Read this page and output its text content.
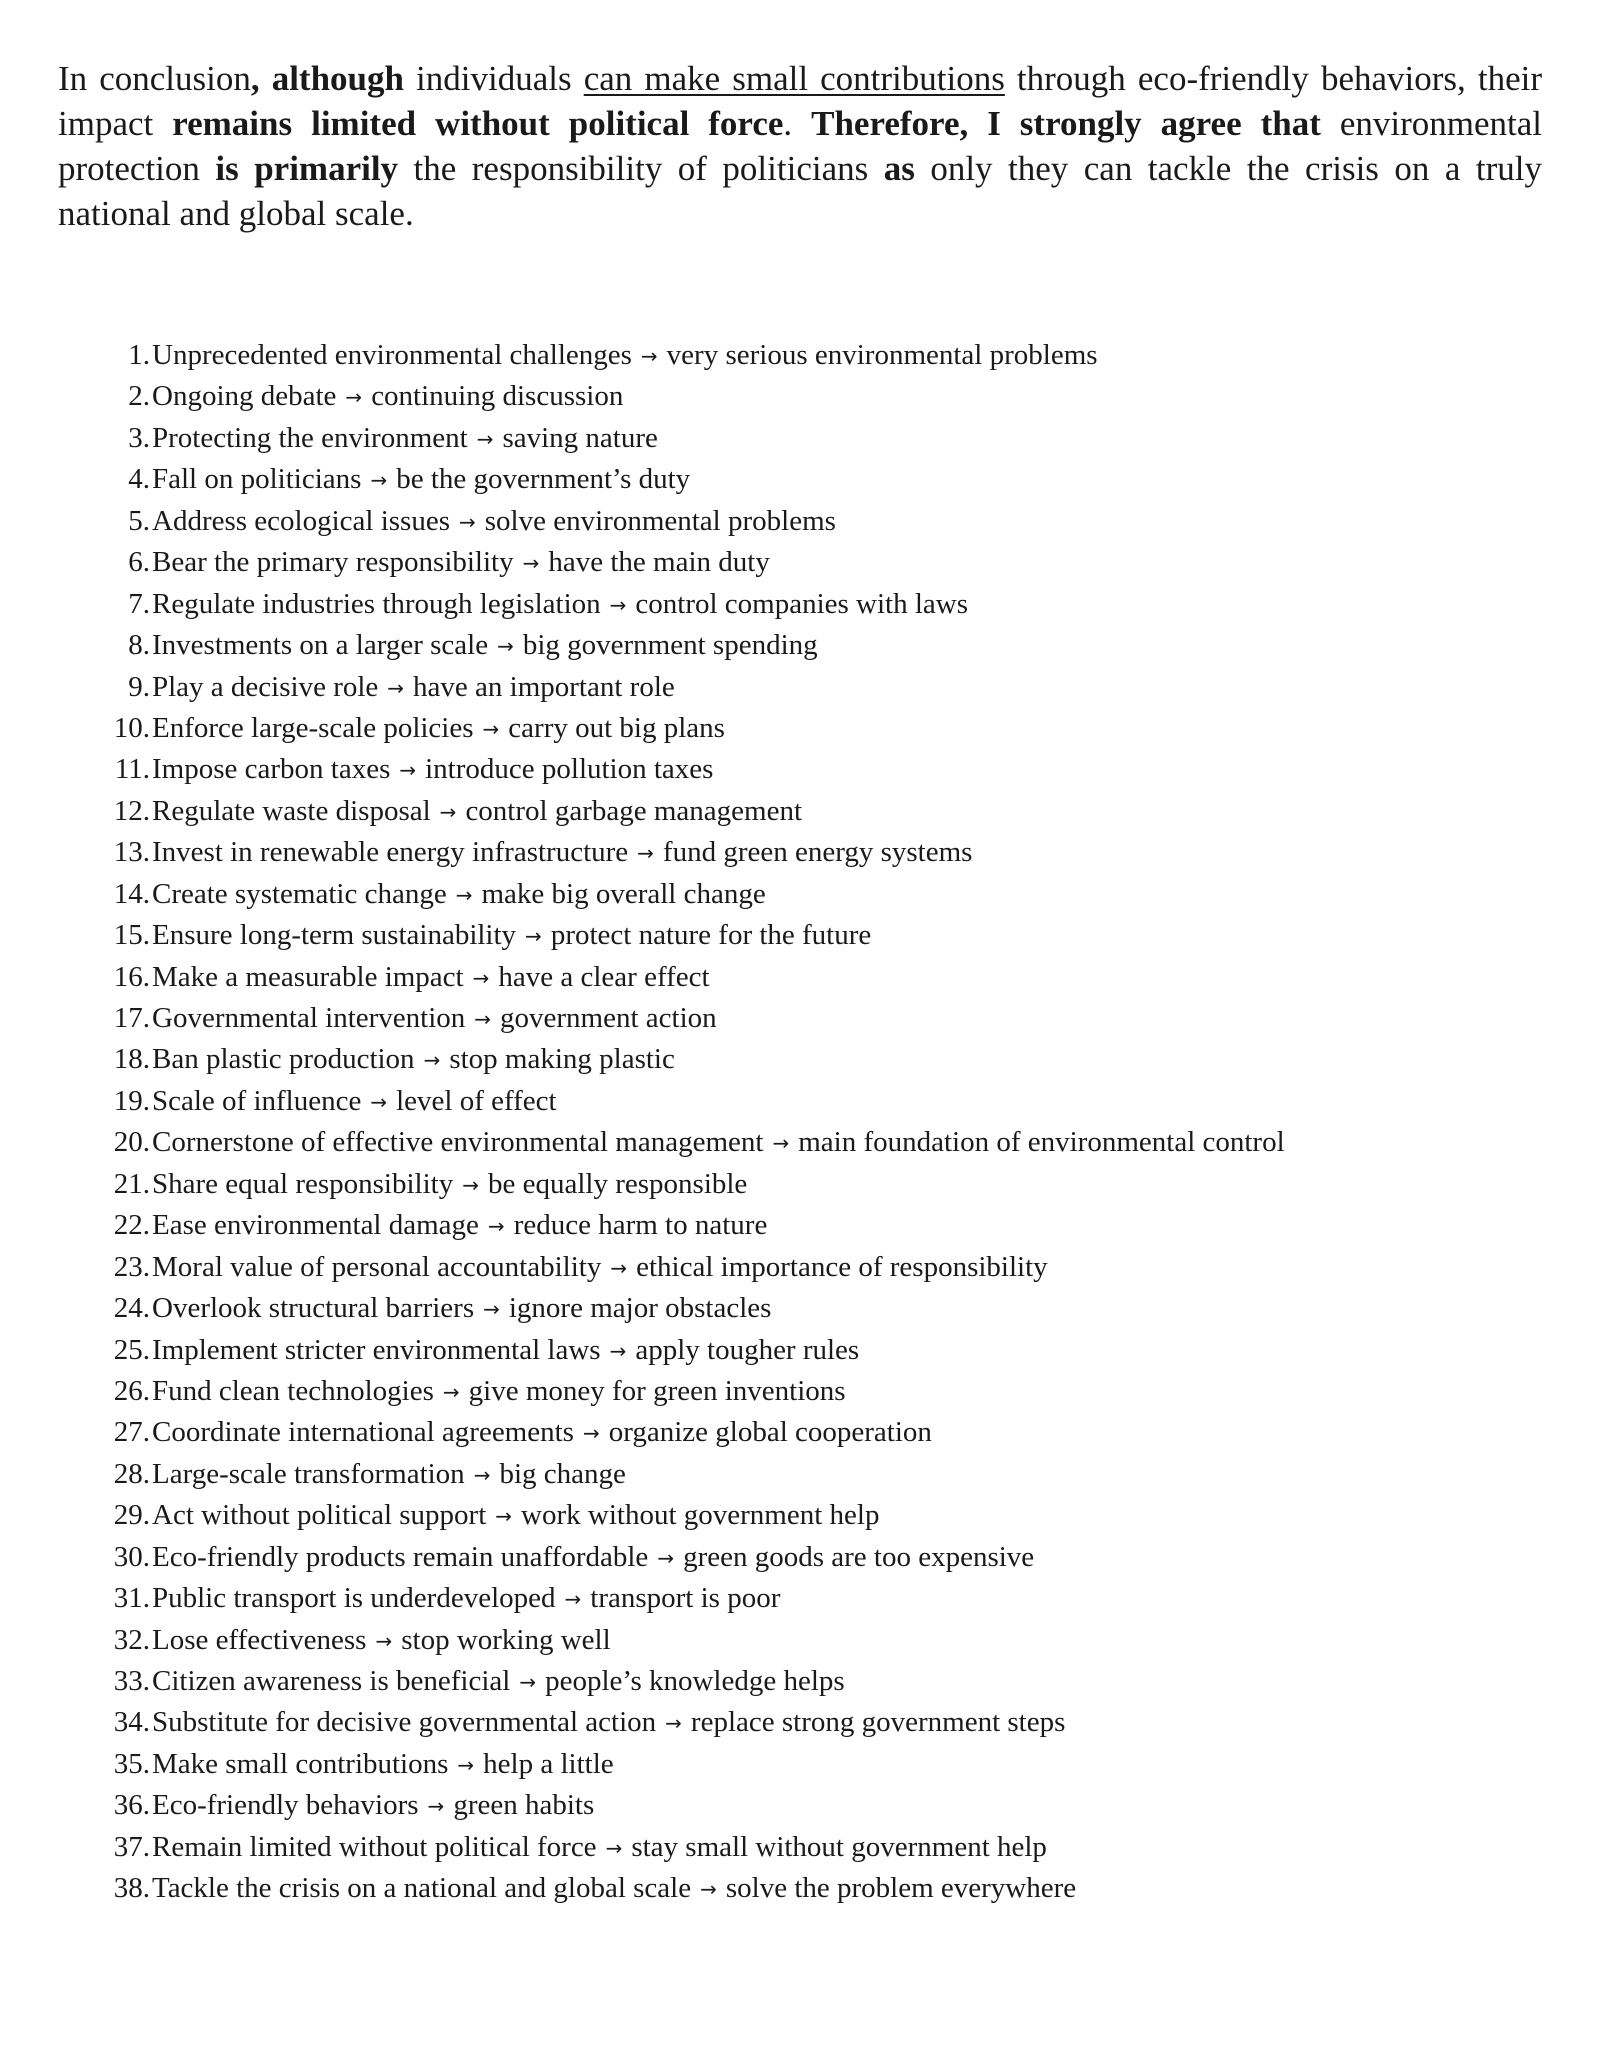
In conclusion, although individuals can make small contributions through eco-friendly behaviors, their impact remains limited without political force. Therefore, I strongly agree that environmental protection is primarily the responsibility of politicians as only they can tackle the crisis on a truly national and global scale.

1. Unprecedented environmental challenges → very serious environmental problems
2. Ongoing debate → continuing discussion
3. Protecting the environment → saving nature
4. Fall on politicians → be the government’s duty
5. Address ecological issues → solve environmental problems
6. Bear the primary responsibility → have the main duty
7. Regulate industries through legislation → control companies with laws
8. Investments on a larger scale → big government spending
9. Play a decisive role → have an important role
10. Enforce large-scale policies → carry out big plans
11. Impose carbon taxes → introduce pollution taxes
12. Regulate waste disposal → control garbage management
13. Invest in renewable energy infrastructure → fund green energy systems
14. Create systematic change → make big overall change
15. Ensure long-term sustainability → protect nature for the future
16. Make a measurable impact → have a clear effect
17. Governmental intervention → government action
18. Ban plastic production → stop making plastic
19. Scale of influence → level of effect
20. Cornerstone of effective environmental management → main foundation of environmental control
21. Share equal responsibility → be equally responsible
22. Ease environmental damage → reduce harm to nature
23. Moral value of personal accountability → ethical importance of responsibility
24. Overlook structural barriers → ignore major obstacles
25. Implement stricter environmental laws → apply tougher rules
26. Fund clean technologies → give money for green inventions
27. Coordinate international agreements → organize global cooperation
28. Large-scale transformation → big change
29. Act without political support → work without government help
30. Eco-friendly products remain unaffordable → green goods are too expensive
31. Public transport is underdeveloped → transport is poor
32. Lose effectiveness → stop working well
33. Citizen awareness is beneficial → people’s knowledge helps
34. Substitute for decisive governmental action → replace strong government steps
35. Make small contributions → help a little
36. Eco-friendly behaviors → green habits
37. Remain limited without political force → stay small without government help
38. Tackle the crisis on a national and global scale → solve the problem everywhere
